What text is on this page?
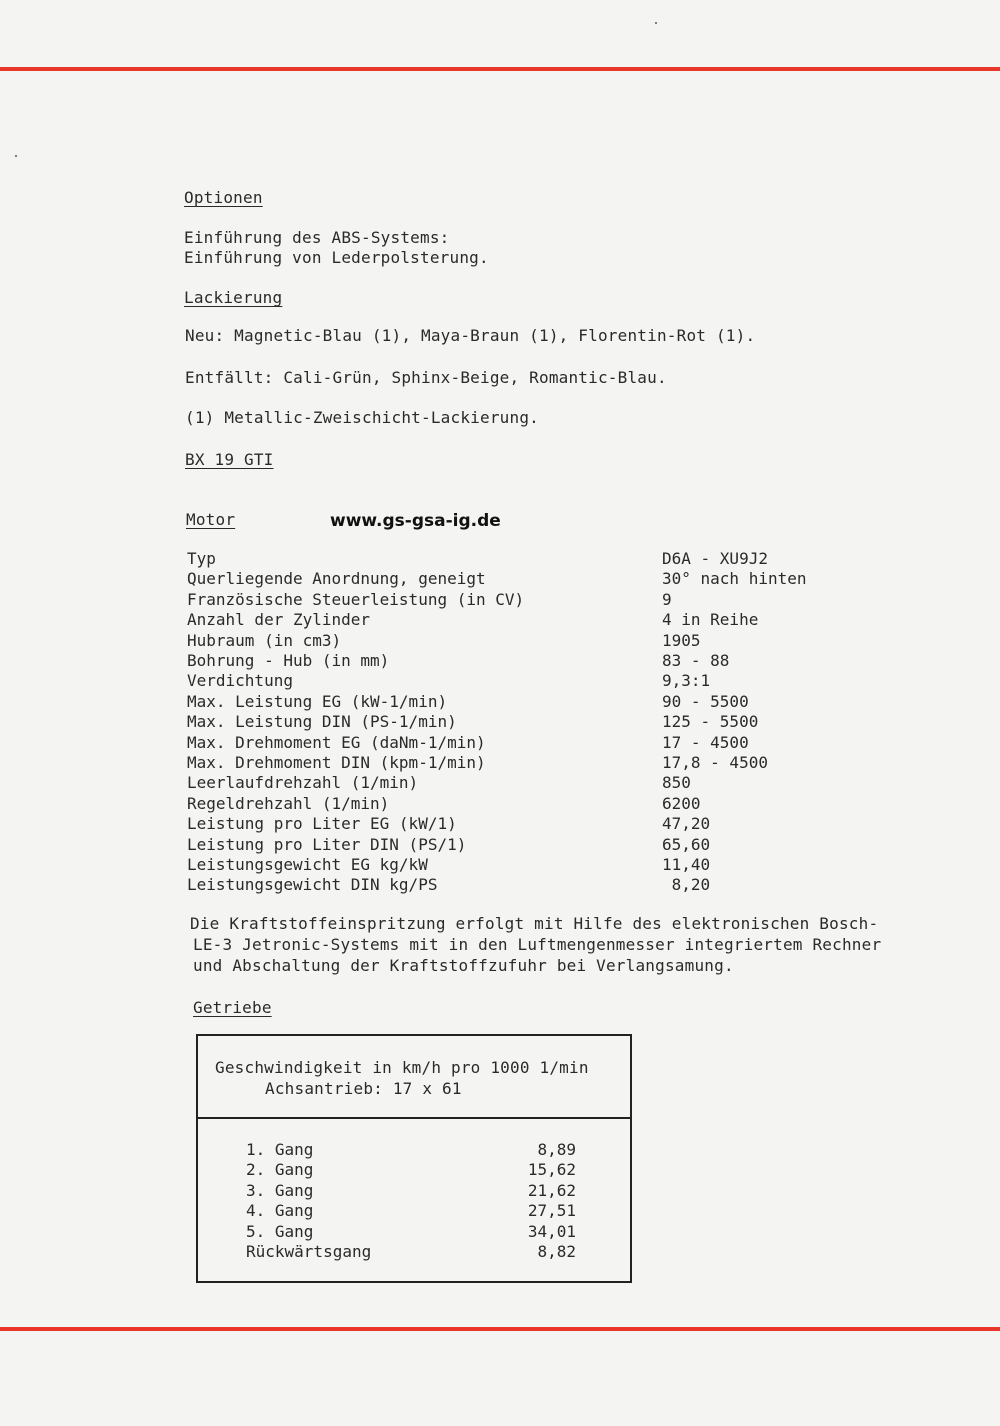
Optionen
Einführung des ABS-Systems:
Einführung von Lederpolsterung.
Lackierung
Neu: Magnetic-Blau (1), Maya-Braun (1), Florentin-Rot (1).
Entfällt: Cali-Grün, Sphinx-Beige, Romantic-Blau.
(1) Metallic-Zweischicht-Lackierung.
BX 19 GTI
Motor	www.gs-gsa-ig.de
Typ	D6A - XU9J2
Querliegende Anordnung, geneigt	30° nach hinten
Französische Steuerleistung (in CV)	9
Anzahl der Zylinder	4 in Reihe
Hubraum (in cm3)	1905
Bohrung - Hub (in mm)	83 - 88
Verdichtung	9,3:1
Max. Leistung EG (kW-1/min)	90 - 5500
Max. Leistung DIN (PS-1/min)	125 - 5500
Max. Drehmoment EG (daNm-1/min)	17 - 4500
Max. Drehmoment DIN (kpm-1/min)	17,8 - 4500
Leerlaufdrehzahl (1/min)	850
Regeldrehzahl (1/min)	6200
Leistung pro Liter EG (kW/1)	47,20
Leistung pro Liter DIN (PS/1)	65,60
Leistungsgewicht EG kg/kW	11,40
Leistungsgewicht DIN kg/PS	8,20
Die Kraftstoffeinspritzung erfolgt mit Hilfe des elektronischen Bosch-
LE-3 Jetronic-Systems mit in den Luftmengenmesser integriertem Rechner
und Abschaltung der Kraftstoffzufuhr bei Verlangsamung.
Getriebe
Geschwindigkeit in km/h pro 1000 1/min
Achsantrieb: 17 x 61
1. Gang	8,89
2. Gang	15,62
3. Gang	21,62
4. Gang	27,51
5. Gang	34,01
Rückwärtsgang	8,82
